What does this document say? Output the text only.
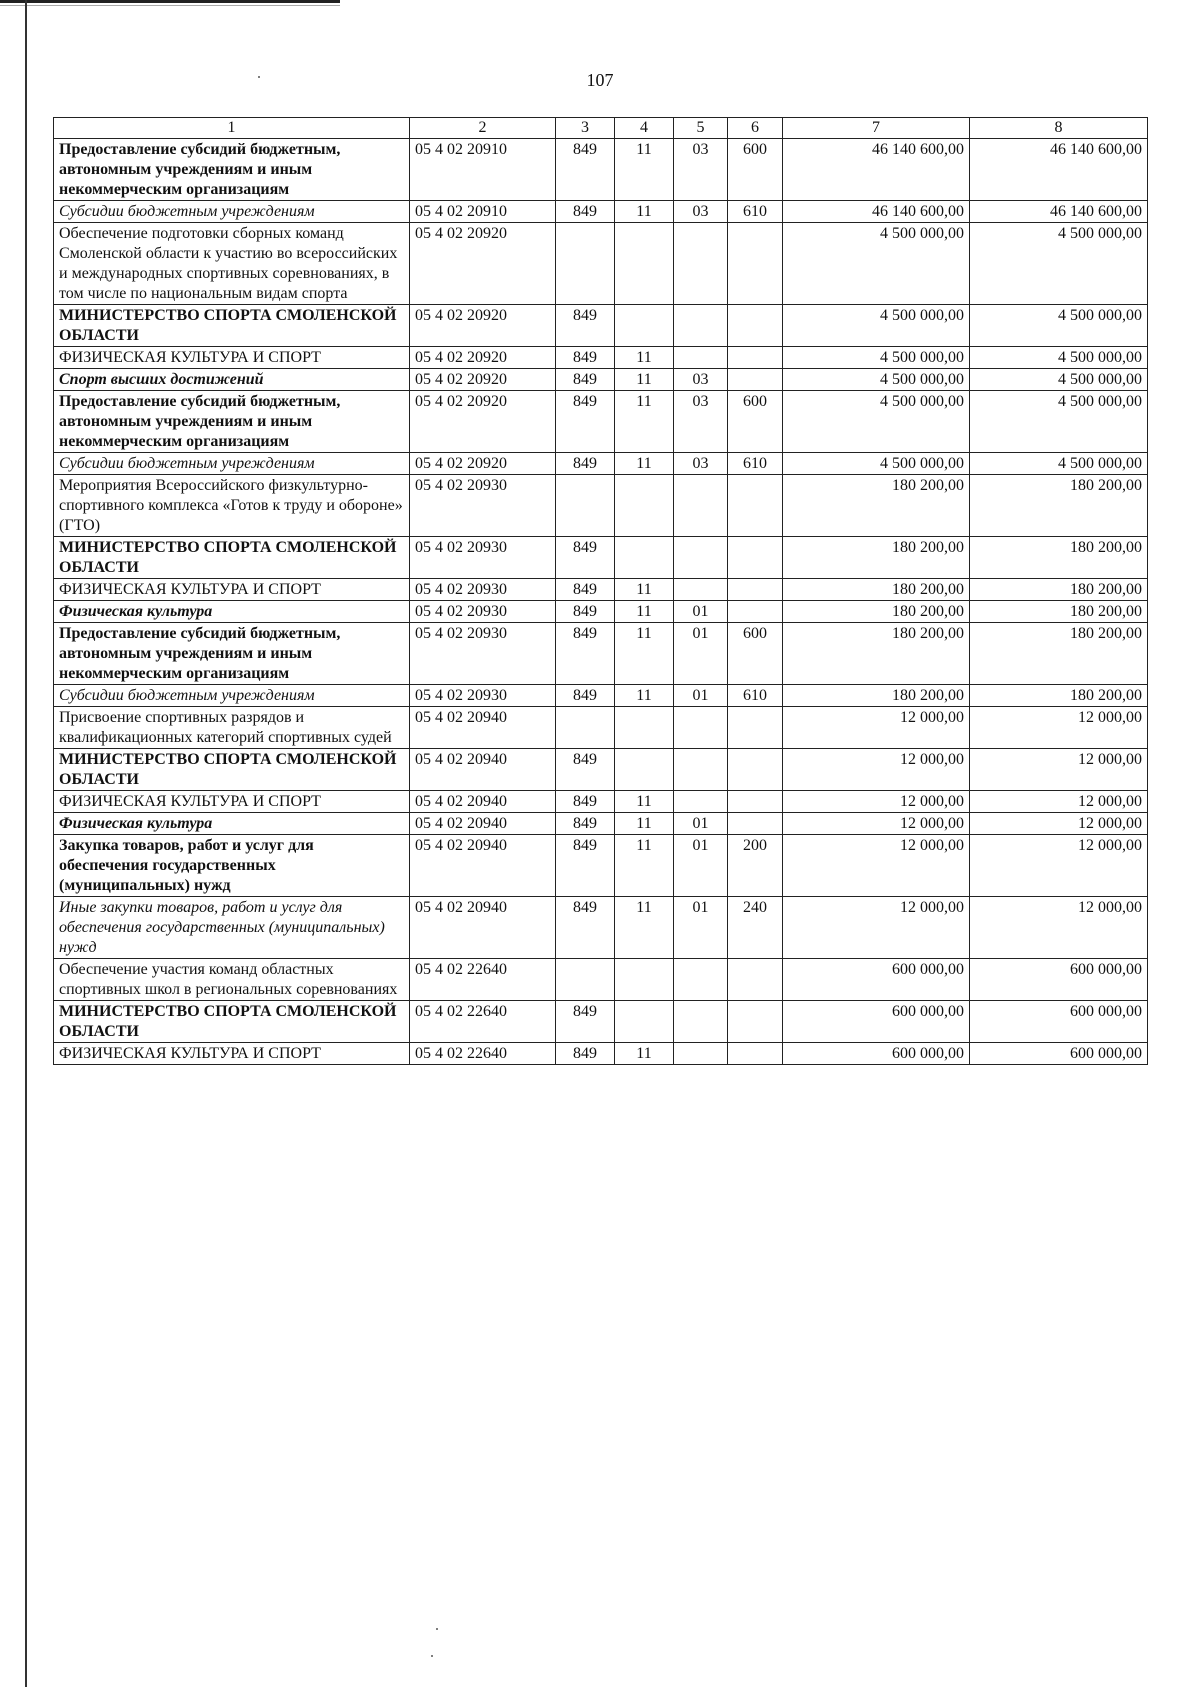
107
1	2	3	4	5	6	7	8
Предоставление субсидий бюджетным, автономным учреждениям и иным некоммерческим организациям	05 4 02 20910	849	11	03	600	46 140 600,00	46 140 600,00
Субсидии бюджетным учреждениям	05 4 02 20910	849	11	03	610	46 140 600,00	46 140 600,00
Обеспечение подготовки сборных команд Смоленской области к участию во всероссийских и международных спортивных соревнованиях, в том числе по национальным видам спорта	05 4 02 20920					4 500 000,00	4 500 000,00
МИНИСТЕРСТВО СПОРТА СМОЛЕНСКОЙ ОБЛАСТИ	05 4 02 20920	849				4 500 000,00	4 500 000,00
ФИЗИЧЕСКАЯ КУЛЬТУРА И СПОРТ	05 4 02 20920	849	11			4 500 000,00	4 500 000,00
Спорт высших достижений	05 4 02 20920	849	11	03		4 500 000,00	4 500 000,00
Предоставление субсидий бюджетным, автономным учреждениям и иным некоммерческим организациям	05 4 02 20920	849	11	03	600	4 500 000,00	4 500 000,00
Субсидии бюджетным учреждениям	05 4 02 20920	849	11	03	610	4 500 000,00	4 500 000,00
Мероприятия Всероссийского физкультурно-спортивного комплекса «Готов к труду и обороне» (ГТО)	05 4 02 20930					180 200,00	180 200,00
МИНИСТЕРСТВО СПОРТА СМОЛЕНСКОЙ ОБЛАСТИ	05 4 02 20930	849				180 200,00	180 200,00
ФИЗИЧЕСКАЯ КУЛЬТУРА И СПОРТ	05 4 02 20930	849	11			180 200,00	180 200,00
Физическая культура	05 4 02 20930	849	11	01		180 200,00	180 200,00
Предоставление субсидий бюджетным, автономным учреждениям и иным некоммерческим организациям	05 4 02 20930	849	11	01	600	180 200,00	180 200,00
Субсидии бюджетным учреждениям	05 4 02 20930	849	11	01	610	180 200,00	180 200,00
Присвоение спортивных разрядов и квалификационных категорий спортивных судей	05 4 02 20940					12 000,00	12 000,00
МИНИСТЕРСТВО СПОРТА СМОЛЕНСКОЙ ОБЛАСТИ	05 4 02 20940	849				12 000,00	12 000,00
ФИЗИЧЕСКАЯ КУЛЬТУРА И СПОРТ	05 4 02 20940	849	11			12 000,00	12 000,00
Физическая культура	05 4 02 20940	849	11	01		12 000,00	12 000,00
Закупка товаров, работ и услуг для обеспечения государственных (муниципальных) нужд	05 4 02 20940	849	11	01	200	12 000,00	12 000,00
Иные закупки товаров, работ и услуг для обеспечения государственных (муниципальных) нужд	05 4 02 20940	849	11	01	240	12 000,00	12 000,00
Обеспечение участия команд областных спортивных школ в региональных соревнованиях	05 4 02 22640					600 000,00	600 000,00
МИНИСТЕРСТВО СПОРТА СМОЛЕНСКОЙ ОБЛАСТИ	05 4 02 22640	849				600 000,00	600 000,00
ФИЗИЧЕСКАЯ КУЛЬТУРА И СПОРТ	05 4 02 22640	849	11			600 000,00	600 000,00
